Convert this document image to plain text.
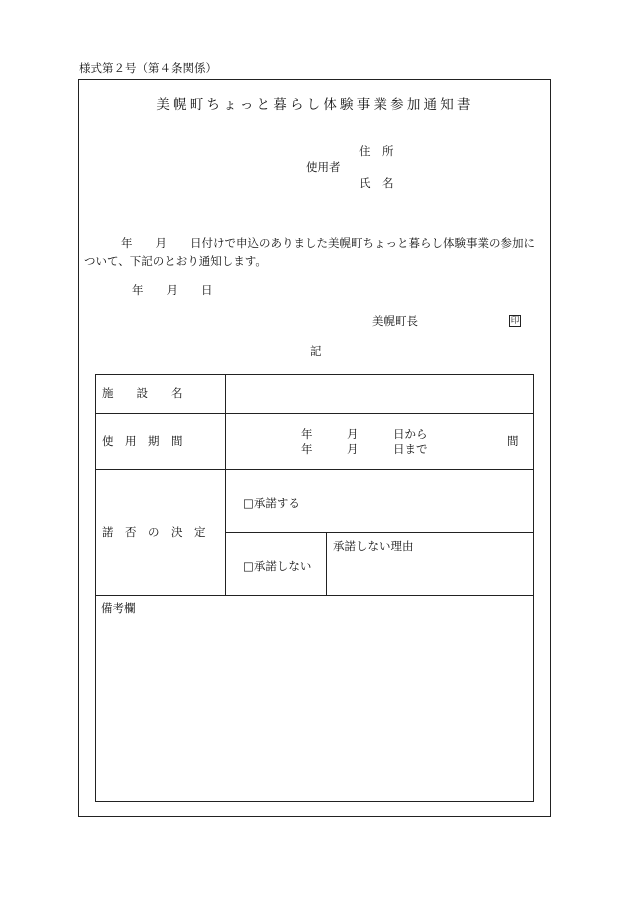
様式第２号（第４条関係）
美幌町ちょっと暮らし体験事業参加通知書
住　所
使用者
氏　名
年　　月　　日付けで申込のありました美幌町ちょっと暮らし体験事業の参加に
ついて、下記のとおり通知します。
年　　月　　日
美幌町長	印
記
施　　設　　名
使　用　期　間	年　　　月　　　日から
年　　　月　　　日まで
間
諾　否　の　決　定
□承諾する
□承諾しない
承諾しない理由
備考欄
